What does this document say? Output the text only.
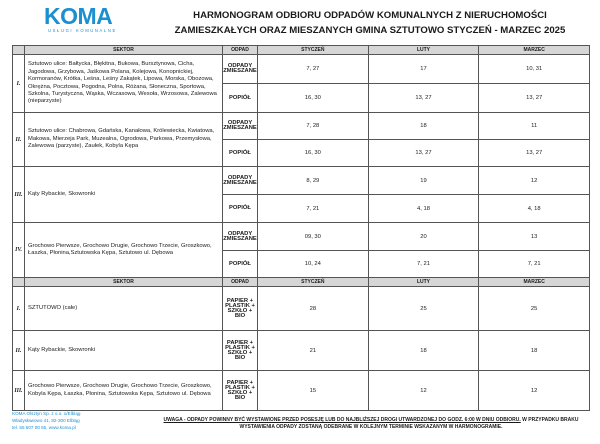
KOMA
USŁUGI KOMUNALNE
HARMONOGRAM ODBIORU ODPADÓW KOMUNALNYCH Z NIERUCHOMOŚCI
ZAMIESZKAŁYCH ORAZ MIESZANYCH GMINA SZTUTOWO STYCZEŃ - MARZEC 2025
	SEKTOR	ODPAD	STYCZEŃ	LUTY	MARZEC
I.	Sztutowo ulice: Bałtycka, Błękitna, Bukowa, Bursztynowa, Cicha, Jagodowa, Grzybowa, Jaśkowa Polana, Kolejowa, Konopnickiej, Kormoranów, Krótka, Leśna, Leśny Zakątek, Lipowa, Morska, Obozowa, Okrężna, Pocztowa, Pogodna, Polna, Różana, Słoneczna, Sportowa, Szkolna, Turystyczna, Wąska, Wczasowa, Wesoła, Wrzosowa, Zalewowa (nieparzyste)	ODPADY ZMIESZANE	7, 27	17	10, 31
		POPIÓŁ	16, 30	13, 27	13, 27
II.	Sztutowo ulice: Chabrowa, Gdańska, Kanałowa, Królewiecka, Kwiatowa, Makowa, Mierzeja Park, Muzealna, Ogrodowa, Parkowa, Przemysłowa, Zalewowa (parzyste), Zaułek, Kobyla Kępa	ODPADY ZMIESZANE	7, 28	18	11
		POPIÓŁ	16, 30	13, 27	13, 27
III.	Kąty Rybackie, Skowronki	ODPADY ZMIESZANE	8, 29	19	12
		POPIÓŁ	7, 21	4, 18	4, 18
IV.	Grochowo Pierwsze, Grochowo Drugie, Grochowo Trzecie, Groszkowo, Łaszka, Płonina,Sztutowska Kępa, Sztutowo ul. Dębowa	ODPADY ZMIESZANE	09, 30	20	13
		POPIÓŁ	10, 24	7, 21	7, 21
	SEKTOR	ODPAD	STYCZEŃ	LUTY	MARZEC
I.	SZTUTOWO (całe)	PAPIER + PLASTIK + SZKŁO + BIO	28	25	25
II.	Kąty Rybackie, Skowronki	PAPIER + PLASTIK + SZKŁO + BIO	21	18	18
III.	Grochowo Pierwsze, Grochowo Drugie, Grochowo Trzecie, Groszkowo, Kobyla Kępa, Łaszka, Płonina, Sztutowska Kępa, Sztutowo ul. Dębowa	PAPIER + PLASTIK + SZKŁO + BIO	15	12	12
KOMA Olsztyn Sp. z o.o. o/Elbląg
Władysławowo 41, 82-300 Elbląg
tel. 55 507 00 55, www.koma.pl
UWAGA - ODPADY POWINNY BYĆ WYSTAWIONE PRZED POSESJĘ LUB DO NAJBLIŻSZEJ DROGI UTWARDZONEJ DO GODZ. 6:00 W DNIU ODBIORU. W PRZYPADKU BRAKU WYSTAWIENIA ODPADY ZOSTANĄ ODEBRANE W KOLEJNYM TERMINIE WSKAZANYM W HARMONOGRAMIE.
